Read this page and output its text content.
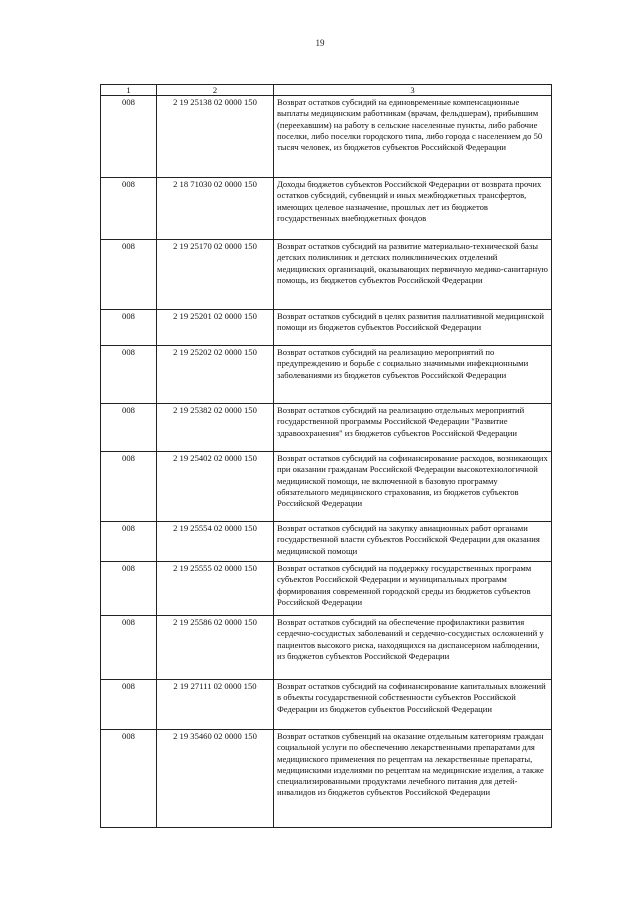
19
1	2	3
008	2 19 25138 02 0000 150	Возврат остатков субсидий на единовременные компенсационные выплаты медицинским работникам (врачам, фельдшерам), прибывшим (переехавшим) на работу в сельские населенные пункты, либо рабочие поселки, либо поселки городского типа, либо города с населением до 50 тысяч человек, из бюджетов субъектов Российской Федерации
008	2 18 71030 02 0000 150	Доходы бюджетов субъектов Российской Федерации от возврата прочих остатков субсидий, субвенций и иных межбюджетных трансфертов, имеющих целевое назначение, прошлых лет из бюджетов государственных внебюджетных фондов
008	2 19 25170 02 0000 150	Возврат остатков субсидий на развитие материально-технической базы детских поликлиник и детских поликлинических отделений медицинских организаций, оказывающих первичную медико-санитарную помощь, из бюджетов субъектов Российской Федерации
008	2 19 25201 02 0000 150	Возврат остатков субсидий в целях развития паллиативной медицинской помощи из бюджетов субъектов Российской Федерации
008	2 19 25202 02 0000 150	Возврат остатков субсидий на реализацию мероприятий по предупреждению и борьбе с социально значимыми инфекционными заболеваниями из бюджетов субъектов Российской Федерации
008	2 19 25382 02 0000 150	Возврат остатков субсидий на реализацию отдельных мероприятий государственной программы Российской Федерации "Развитие здравоохранения" из бюджетов субъектов Российской Федерации
008	2 19 25402 02 0000 150	Возврат остатков субсидий на софинансирование расходов, возникающих при оказании гражданам Российской Федерации высокотехнологичной медицинской помощи, не включенной в базовую программу обязательного медицинского страхования, из бюджетов субъектов Российской Федерации
008	2 19 25554 02 0000 150	Возврат остатков субсидий на закупку авиационных работ органами государственной власти субъектов Российской Федерации для оказания медицинской помощи
008	2 19 25555 02 0000 150	Возврат остатков субсидий на поддержку государственных программ субъектов Российской Федерации и муниципальных программ формирования современной городской среды из бюджетов субъектов Российской Федерации
008	2 19 25586 02 0000 150	Возврат остатков субсидий на обеспечение профилактики развития сердечно-сосудистых заболеваний и сердечно-сосудистых осложнений у пациентов высокого риска, находящихся на диспансерном наблюдении, из бюджетов субъектов Российской Федерации
008	2 19 27111 02 0000 150	Возврат остатков субсидий на софинансирование капитальных вложений в объекты государственной собственности субъектов Российской Федерации из бюджетов субъектов Российской Федерации
008	2 19 35460 02 0000 150	Возврат остатков субвенций на оказание отдельным категориям граждан социальной услуги по обеспечению лекарственными препаратами для медицинского применения по рецептам на лекарственные препараты, медицинскими изделиями по рецептам на медицинские изделия, а также специализированными продуктами лечебного питания для детей-инвалидов из бюджетов субъектов Российской Федерации
